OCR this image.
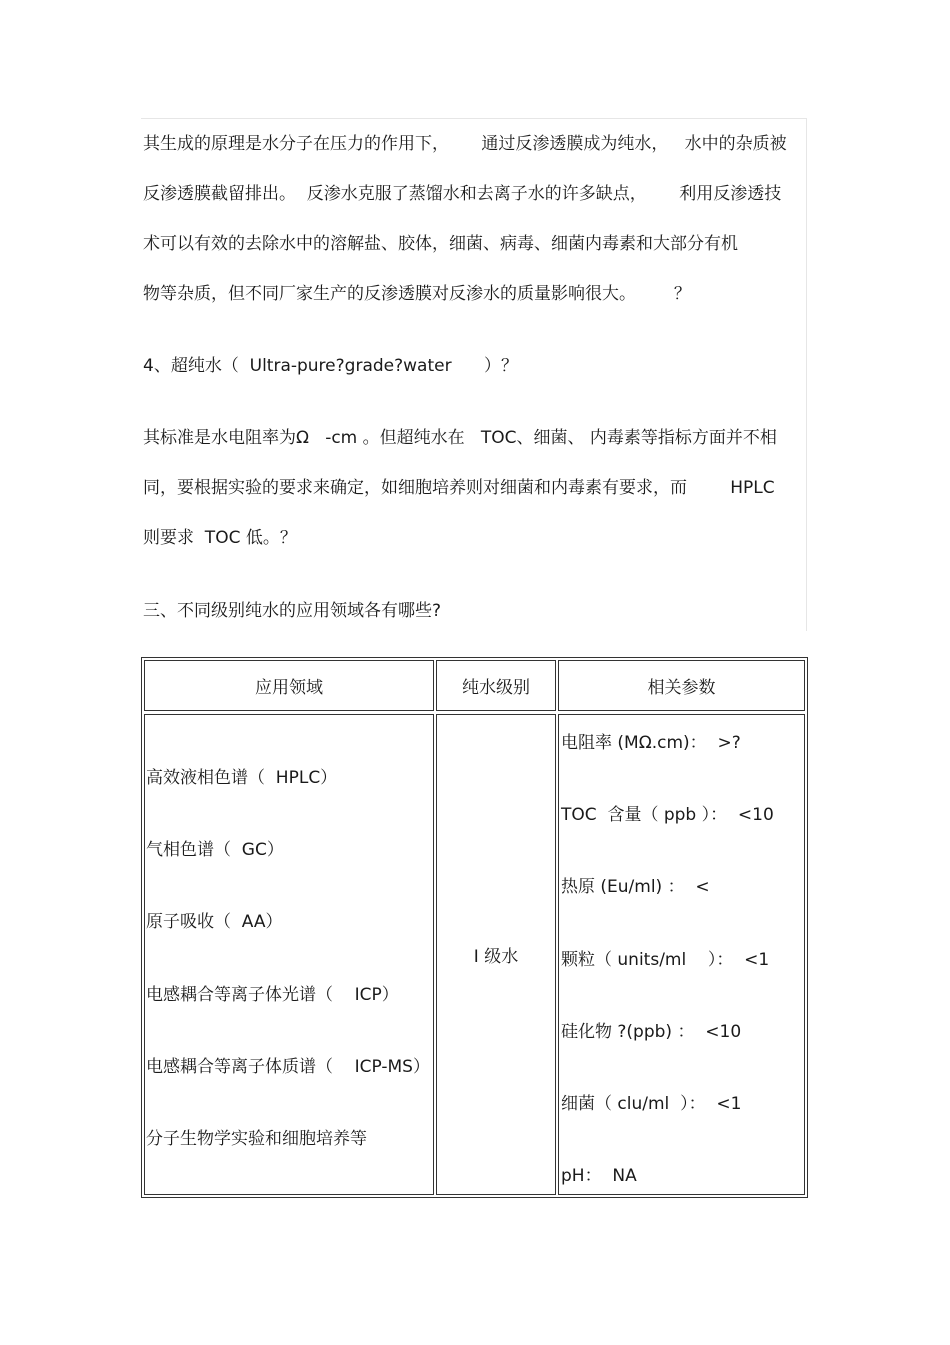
其生成的原理是水分子在压力的作用下，      通过反渗透膜成为纯水，   水中的杂质被
反渗透膜截留排出。  反渗水克服了蒸馏水和去离子水的许多缺点，      利用反渗透技
术可以有效的去除水中的溶解盐、胶体，细菌、病毒、细菌内毒素和大部分有机
物等杂质，但不同厂家生产的反渗透膜对反渗水的质量影响很大。       ？
4、超纯水（  Ultra-pure?grade?water      ）？
其标准是水电阻率为Ω   -cm 。但超纯水在   TOC、细菌、 内毒素等指标方面并不相
同，要根据实验的要求来确定，如细胞培养则对细菌和内毒素有要求，而        HPLC
则要求  TOC 低。？
三、不同级别纯水的应用领域各有哪些?
应用领域	纯水级别	相关参数
高效液相色谱（  HPLC）
气相色谱（  GC）
原子吸收（  AA）
电感耦合等离子体光谱（    ICP）
电感耦合等离子体质谱（    ICP-MS）
分子生物学实验和细胞培养等
I 级水
电阻率 (MΩ.cm)：  >?
TOC  含量（ ppb ）：  <10
热原 (Eu/ml) ：  <
颗粒（ units/ml    ）：  <1
硅化物 ?(ppb) ：  <10
细菌（ clu/ml  ）：  <1
pH：  NA
